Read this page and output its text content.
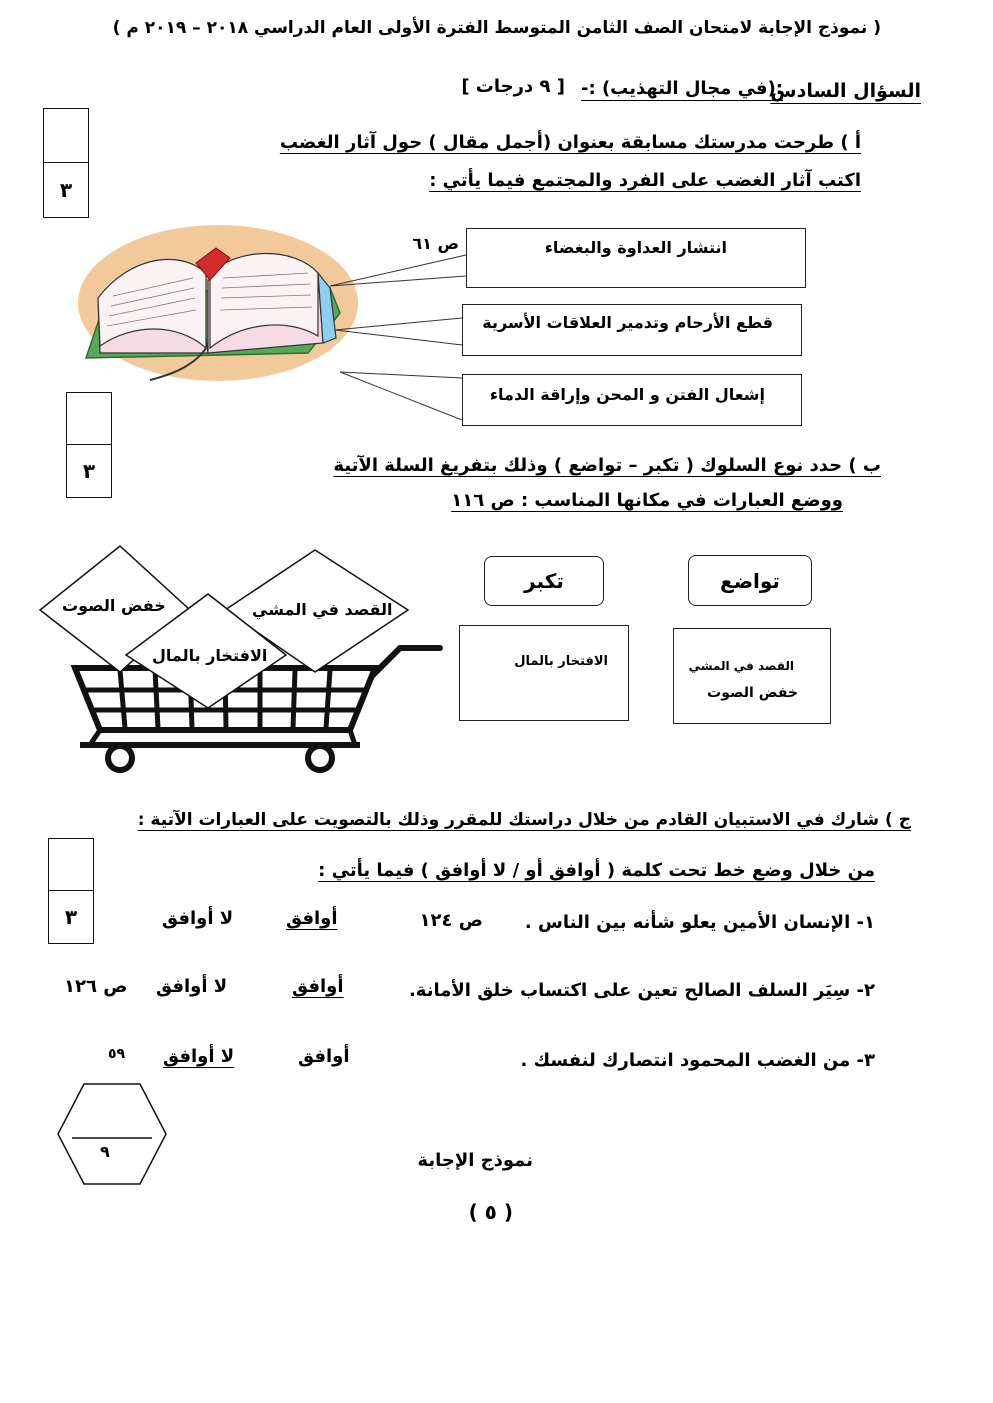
( نموذج الإجابة لامتحان الصف الثامن المتوسط الفترة الأولى العام الدراسي ٢٠١٨ – ٢٠١٩ م )
السؤال السادس
:(في مجال التهذيب) :-
[ ٩ درجات ]
٣
أ ) طرحت مدرستك مسابقة بعنوان (أجمل مقال ) حول آثار الغضب
اكتب آثار الغضب على الفرد والمجتمع فيما يأتي :
انتشار العداوة والبغضاء
ص ٦١
قطع الأرحام وتدمير العلاقات الأسرية
إشعال الفتن و المحن وإراقة الدماء
٣	ب ) حدد نوع السلوك ( تكبر – تواضع ) وذلك بتفريغ السلة الآتية
ووضع العبارات في مكانها المناسب : ص ١١٦
خفض الصوت	القصد في المشي
الافتخار بالمال
تكبر	تواضع
الافتخار بالمال	القصد في المشي
خفض الصوت
ج ) شارك في الاستبيان القادم من خلال دراستك للمقرر وذلك بالتصويت على العبارات الآتية :
من خلال وضع خط تحت كلمة ( أوافق أو / لا أوافق ) فيما يأتي :
٣	١- الإنسان الأمين يعلو شأنه بين الناس .
ص ١٢٤
أوافق
لا أوافق
٢- سِيَر السلف الصالح تعين على اكتساب خلق الأمانة.
أوافق
لا أوافق
ص ١٢٦
٣- من الغضب المحمود انتصارك لنفسك .
أوافق
لا أوافق
٥٩
٩	نموذج الإجابة
( ٥ )
